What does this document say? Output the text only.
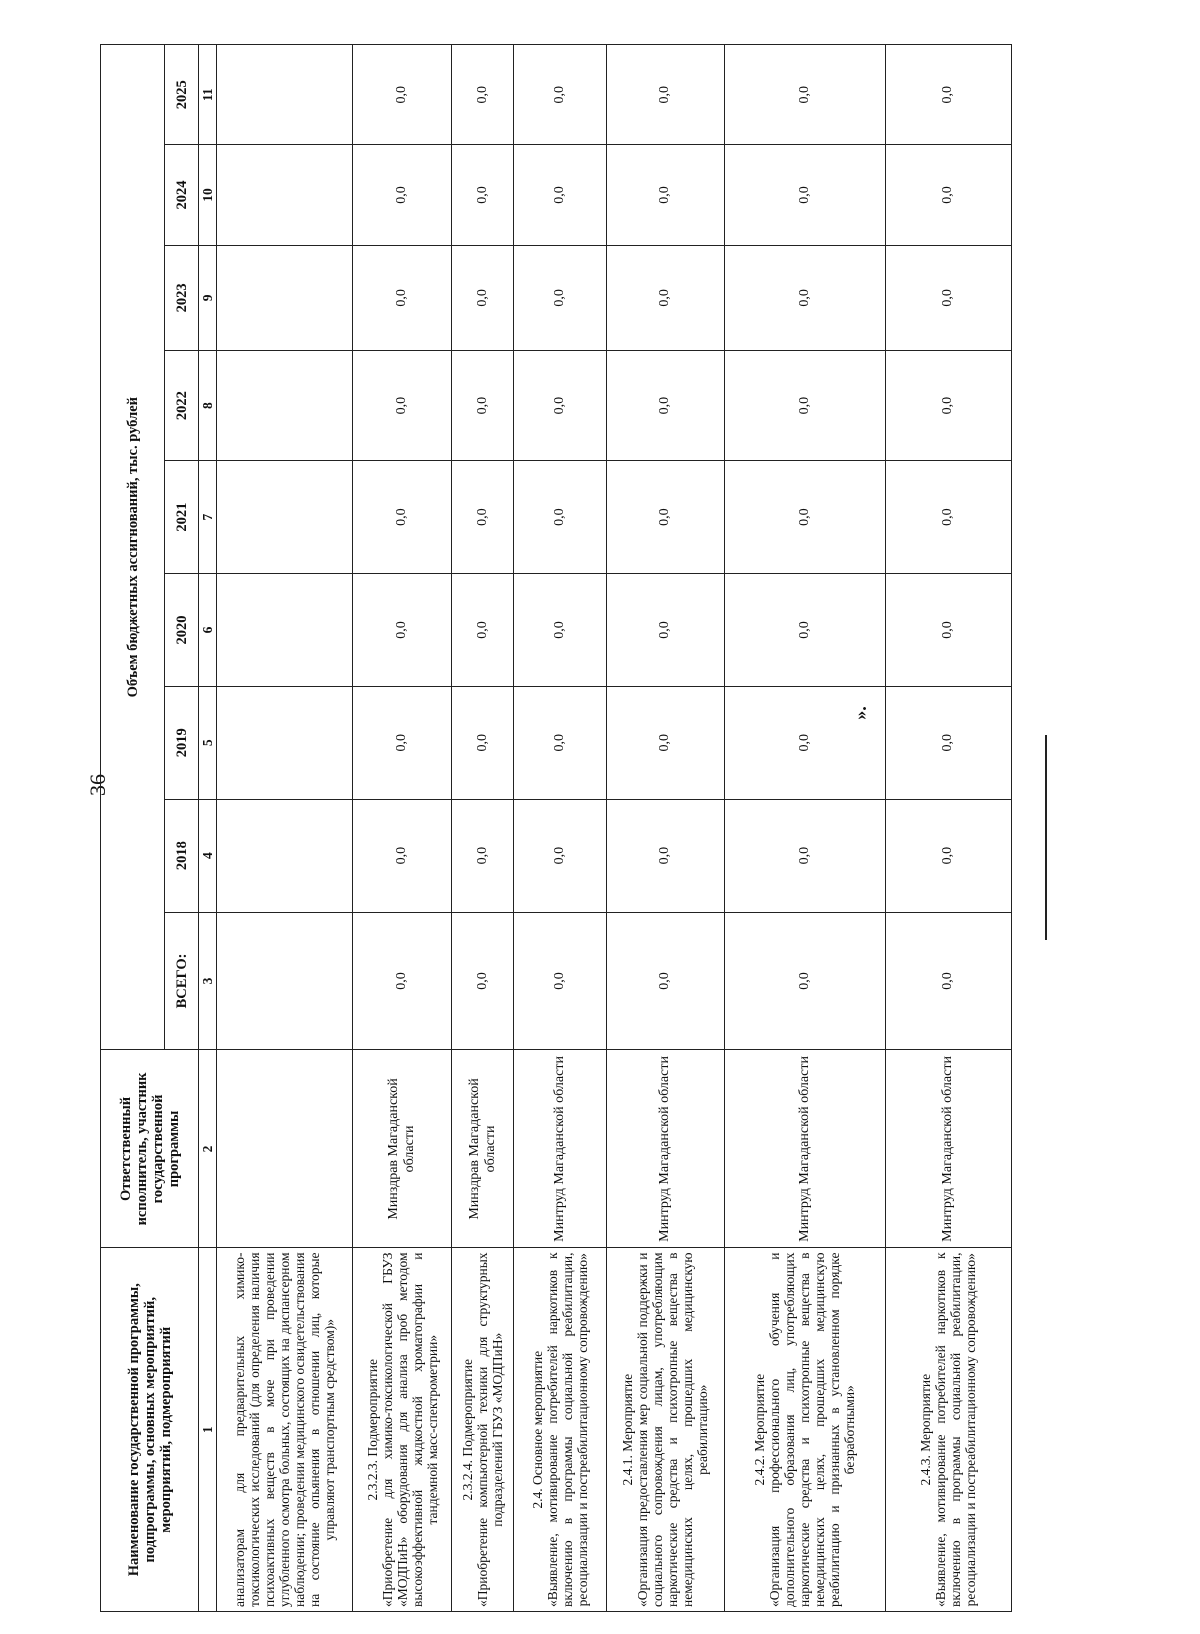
36
».
Наименование государственной программы, подпрограммы, основных мероприятий, мероприятий, подмероприятий	Ответственный исполнитель, участник государственной программы	Объем бюджетных ассигнований, тыс. рублей								
		ВСЕГО:	2018	2019	2020	2021	2022	2023	2024	2025
1	2	3	4	5	6	7	8	9	10	11

анализаторам для предварительных химико-токсикологических исследований (для определения наличия психоактивных веществ в моче при проведении углубленного осмотра больных, состоящих на диспансерном наблюдении; проведении медицинского освидетельствования на состояние опьянения в отношении лиц, которые управляют транспортным средством)»										

2.3.2.3. Подмероприятие «Приобретение для химико-токсикологической ГБУЗ «МОДПиН» оборудования для анализа проб методом высокоэффективной жидкостной хроматографии и тандемной масс-спектрометрии»	Минздрав Магаданской области	0,0	0,0	0,0	0,0	0,0	0,0	0,0	0,0	0,0

2.3.2.4. Подмероприятие «Приобретение компьютерной техники для структурных подразделений ГБУЗ «МОДПиН»	Минздрав Магаданской области	0,0	0,0	0,0	0,0	0,0	0,0	0,0	0,0	0,0

2.4. Основное мероприятие «Выявление, мотивирование потребителей наркотиков к включению в программы социальной реабилитации, ресоциализации и постреабилитационному сопровождению»	Минтруд Магаданской области	0,0	0,0	0,0	0,0	0,0	0,0	0,0	0,0	0,0

2.4.1. Мероприятие «Организация предоставления мер социальной поддержки и социального сопровождения лицам, употребляющим наркотические средства и психотропные вещества в немедицинских целях, прошедших медицинскую реабилитацию»	Минтруд Магаданской области	0,0	0,0	0,0	0,0	0,0	0,0	0,0	0,0	0,0

2.4.2. Мероприятие «Организация профессионального обучения и дополнительного образования лиц, употребляющих наркотические средства и психотропные вещества в немедицинских целях, прошедших медицинскую реабилитацию и признанных в установленном порядке безработными»	Минтруд Магаданской области	0,0	0,0	0,0	0,0	0,0	0,0	0,0	0,0	0,0

2.4.3. Мероприятие «Выявление, мотивирование потребителей наркотиков к включению в программы социальной реабилитации, ресоциализации и постреабилитационному сопровождению»	Минтруд Магаданской области	0,0	0,0	0,0	0,0	0,0	0,0	0,0	0,0	0,0
